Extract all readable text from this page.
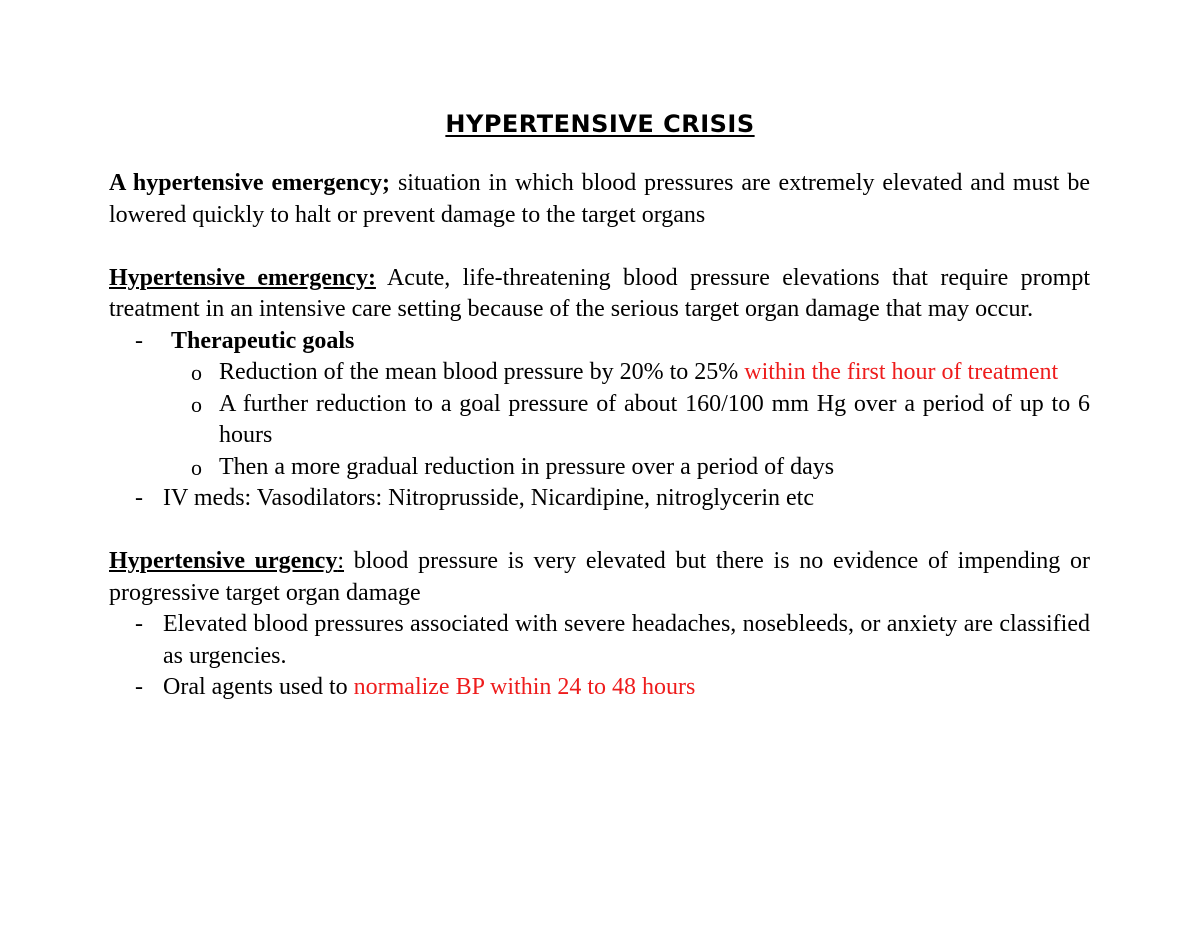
HYPERTENSIVE CRISIS

A hypertensive emergency; situation in which blood pressures are extremely elevated and must be lowered quickly to halt or prevent damage to the target organs

Hypertensive emergency: Acute, life-threatening blood pressure elevations that require prompt treatment in an intensive care setting because of the serious target organ damage that may occur.

- Therapeutic goals
o Reduction of the mean blood pressure by 20% to 25% within the first hour of treatment
o A further reduction to a goal pressure of about 160/100 mm Hg over a period of up to 6 hours
o Then a more gradual reduction in pressure over a period of days
- IV meds: Vasodilators: Nitroprusside, Nicardipine, nitroglycerin etc

Hypertensive urgency: blood pressure is very elevated but there is no evidence of impending or progressive target organ damage

- Elevated blood pressures associated with severe headaches, nosebleeds, or anxiety are classified as urgencies.
- Oral agents used to normalize BP within 24 to 48 hours
